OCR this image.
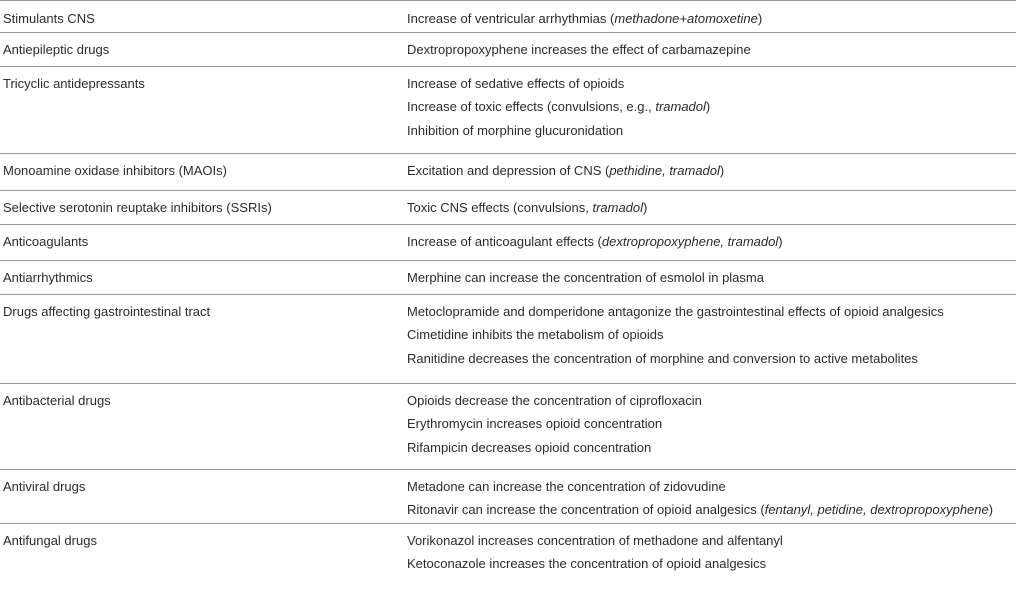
Stimulants CNS	Increase of ventricular arrhythmias (methadone+atomoxetine)
Antiepileptic drugs	Dextropropoxyphene increases the effect of carbamazepine
Tricyclic antidepressants	Increase of sedative effects of opioids
Increase of toxic effects (convulsions, e.g., tramadol)
Inhibition of morphine glucuronidation
Monoamine oxidase inhibitors (MAOIs)	Excitation and depression of CNS (pethidine, tramadol)
Selective serotonin reuptake inhibitors (SSRIs)	Toxic CNS effects (convulsions, tramadol)
Anticoagulants	Increase of anticoagulant effects (dextropropoxyphene, tramadol)
Antiarrhythmics	Merphine can increase the concentration of esmolol in plasma
Drugs affecting gastrointestinal tract	Metoclopramide and domperidone antagonize the gastrointestinal effects of opioid analgesics
Cimetidine inhibits the metabolism of opioids
Ranitidine decreases the concentration of morphine and conversion to active metabolites
Antibacterial drugs	Opioids decrease the concentration of ciprofloxacin
Erythromycin increases opioid concentration
Rifampicin decreases opioid concentration
Antiviral drugs	Metadone can increase the concentration of zidovudine
Ritonavir can increase the concentration of opioid analgesics (fentanyl, petidine, dextropropoxyphene)
Antifungal drugs	Vorikonazol increases concentration of methadone and alfentanyl
Ketoconazole increases the concentration of opioid analgesics
